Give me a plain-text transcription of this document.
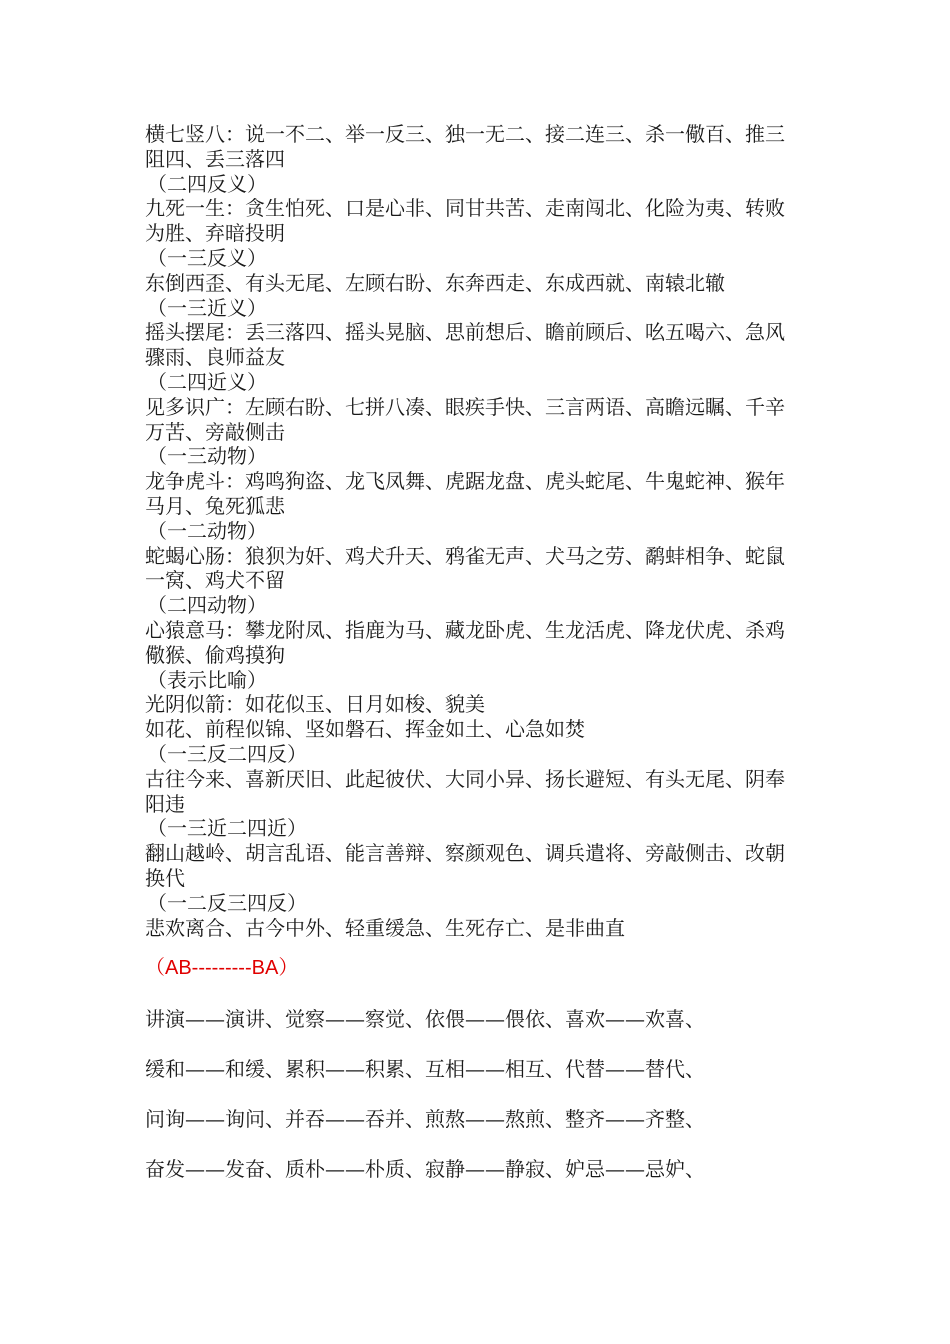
横七竖八：说一不二、举一反三、独一无二、接二连三、杀一儆百、推三
阻四、丢三落四
（二四反义）
九死一生：贪生怕死、口是心非、同甘共苦、走南闯北、化险为夷、转败
为胜、弃暗投明
（一三反义）
东倒西歪、有头无尾、左顾右盼、东奔西走、东成西就、南辕北辙
（一三近义）
摇头摆尾：丢三落四、摇头晃脑、思前想后、瞻前顾后、吆五喝六、急风
骤雨、良师益友
（二四近义）
见多识广：左顾右盼、七拼八凑、眼疾手快、三言两语、高瞻远瞩、千辛
万苦、旁敲侧击
（一三动物）
龙争虎斗：鸡鸣狗盗、龙飞凤舞、虎踞龙盘、虎头蛇尾、牛鬼蛇神、猴年
马月、兔死狐悲
（一二动物）
蛇蝎心肠：狼狈为奸、鸡犬升天、鸦雀无声、犬马之劳、鹬蚌相争、蛇鼠
一窝、鸡犬不留
（二四动物）
心猿意马：攀龙附凤、指鹿为马、藏龙卧虎、生龙活虎、降龙伏虎、杀鸡
儆猴、偷鸡摸狗
（表示比喻）
光阴似箭：如花似玉、日月如梭、貌美
如花、前程似锦、坚如磐石、挥金如土、心急如焚
（一三反二四反）
古往今来、喜新厌旧、此起彼伏、大同小异、扬长避短、有头无尾、阴奉
阳违
（一三近二四近）
翻山越岭、胡言乱语、能言善辩、察颜观色、调兵遣将、旁敲侧击、改朝
换代
（一二反三四反）
悲欢离合、古今中外、轻重缓急、生死存亡、是非曲直
（AB---------BA）
讲演——演讲、觉察——察觉、依偎——偎依、喜欢——欢喜、
缓和——和缓、累积——积累、互相——相互、代替——替代、
问询——询问、并吞——吞并、煎熬——熬煎、整齐——齐整、
奋发——发奋、质朴——朴质、寂静——静寂、妒忌——忌妒、
